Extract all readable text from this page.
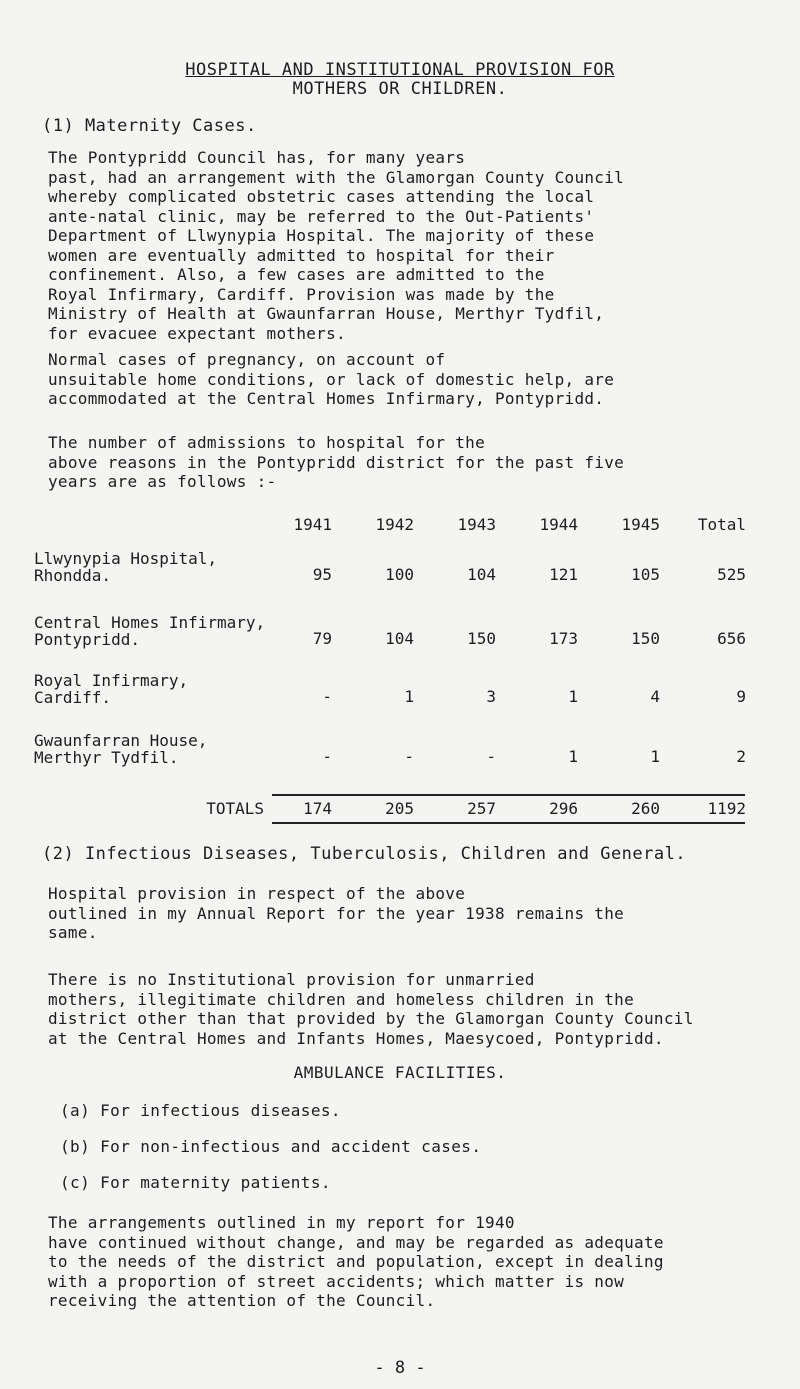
HOSPITAL AND INSTITUTIONAL PROVISION FOR
MOTHERS OR CHILDREN.
(1) Maternity Cases.
The Pontypridd Council has, for many years
past, had an arrangement with the Glamorgan County Council
whereby complicated obstetric cases attending the local
ante-natal clinic, may be referred to the Out-Patients'
Department of Llwynypia Hospital. The majority of these
women are eventually admitted to hospital for their
confinement. Also, a few cases are admitted to the
Royal Infirmary, Cardiff. Provision was made by the
Ministry of Health at Gwaunfarran House, Merthyr Tydfil,
for evacuee expectant mothers.
Normal cases of pregnancy, on account of
unsuitable home conditions, or lack of domestic help, are
accommodated at the Central Homes Infirmary, Pontypridd.
The number of admissions to hospital for the
above reasons in the Pontypridd district for the past five
years are as follows :-
	1941	1942	1943	1944	1945	Total
Llwynypia Hospital,
Rhondda.	95	100	104	121	105	525
Central Homes Infirmary,
Pontypridd.	79	104	150	173	150	656
Royal Infirmary,
Cardiff.	-	1	3	1	4	9
Gwaunfarran House,
Merthyr Tydfil.	-	-	-	1	1	2
TOTALS	174	205	257	296	260	1192
(2) Infectious Diseases, Tuberculosis, Children and General.
Hospital provision in respect of the above
outlined in my Annual Report for the year 1938 remains the
same.
There is no Institutional provision for unmarried
mothers, illegitimate children and homeless children in the
district other than that provided by the Glamorgan County Council
at the Central Homes and Infants Homes, Maesycoed, Pontypridd.
AMBULANCE FACILITIES.
(a) For infectious diseases.
(b) For non-infectious and accident cases.
(c) For maternity patients.
The arrangements outlined in my report for 1940
have continued without change, and may be regarded as adequate
to the needs of the district and population, except in dealing
with a proportion of street accidents; which matter is now
receiving the attention of the Council.
- 8 -
